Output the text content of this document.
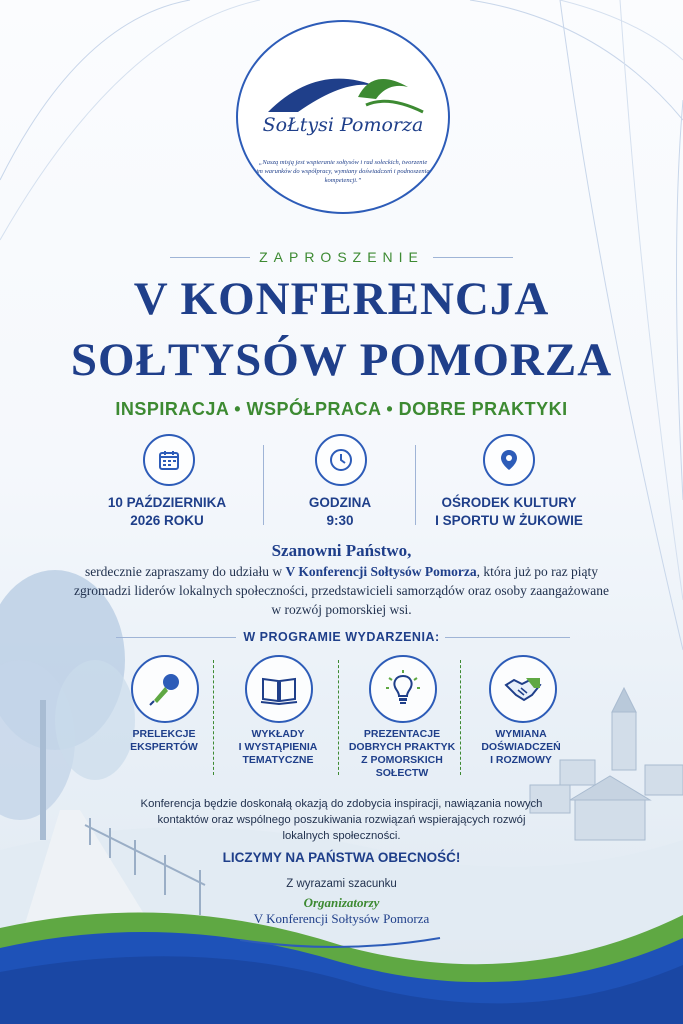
SoŁtysi Pomorza
„Naszą misją jest wspieranie sołtysów i rad sołeckich, tworzenie im warunków do współpracy, wymiany doświadczeń i podnoszenia kompetencji.”
ZAPROSZENIE
V KONFERENCJA
SOŁTYSÓW POMORZA
INSPIRACJA • WSPÓŁPRACA • DOBRE PRAKTYKI
10 PAŹDZIERNIKA
2026 ROKU
GODZINA
9:30
OŚRODEK KULTURY
I SPORTU W ŻUKOWIE
Szanowni Państwo,
serdecznie zapraszamy do udziału w V Konferencji Sołtysów Pomorza, która już po raz piąty zgromadzi liderów lokalnych społeczności, przedstawicieli samorządów oraz osoby zaangażowane w rozwój pomorskiej wsi.
W PROGRAMIE WYDARZENIA:
PRELEKCJE
EKSPERTÓW
WYKŁADY
I WYSTĄPIENIA
TEMATYCZNE
PREZENTACJE
DOBRYCH PRAKTYK
Z POMORSKICH
SOŁECTW
WYMIANA
DOŚWIADCZEŃ
I ROZMOWY
Konferencja będzie doskonałą okazją do zdobycia inspiracji, nawiązania nowych kontaktów oraz wspólnego poszukiwania rozwiązań wspierających rozwój lokalnych społeczności.
LICZYMY NA PAŃSTWA OBECNOŚĆ!
Z wyrazami szacunku
Organizatorzy
V Konferencji Sołtysów Pomorza
